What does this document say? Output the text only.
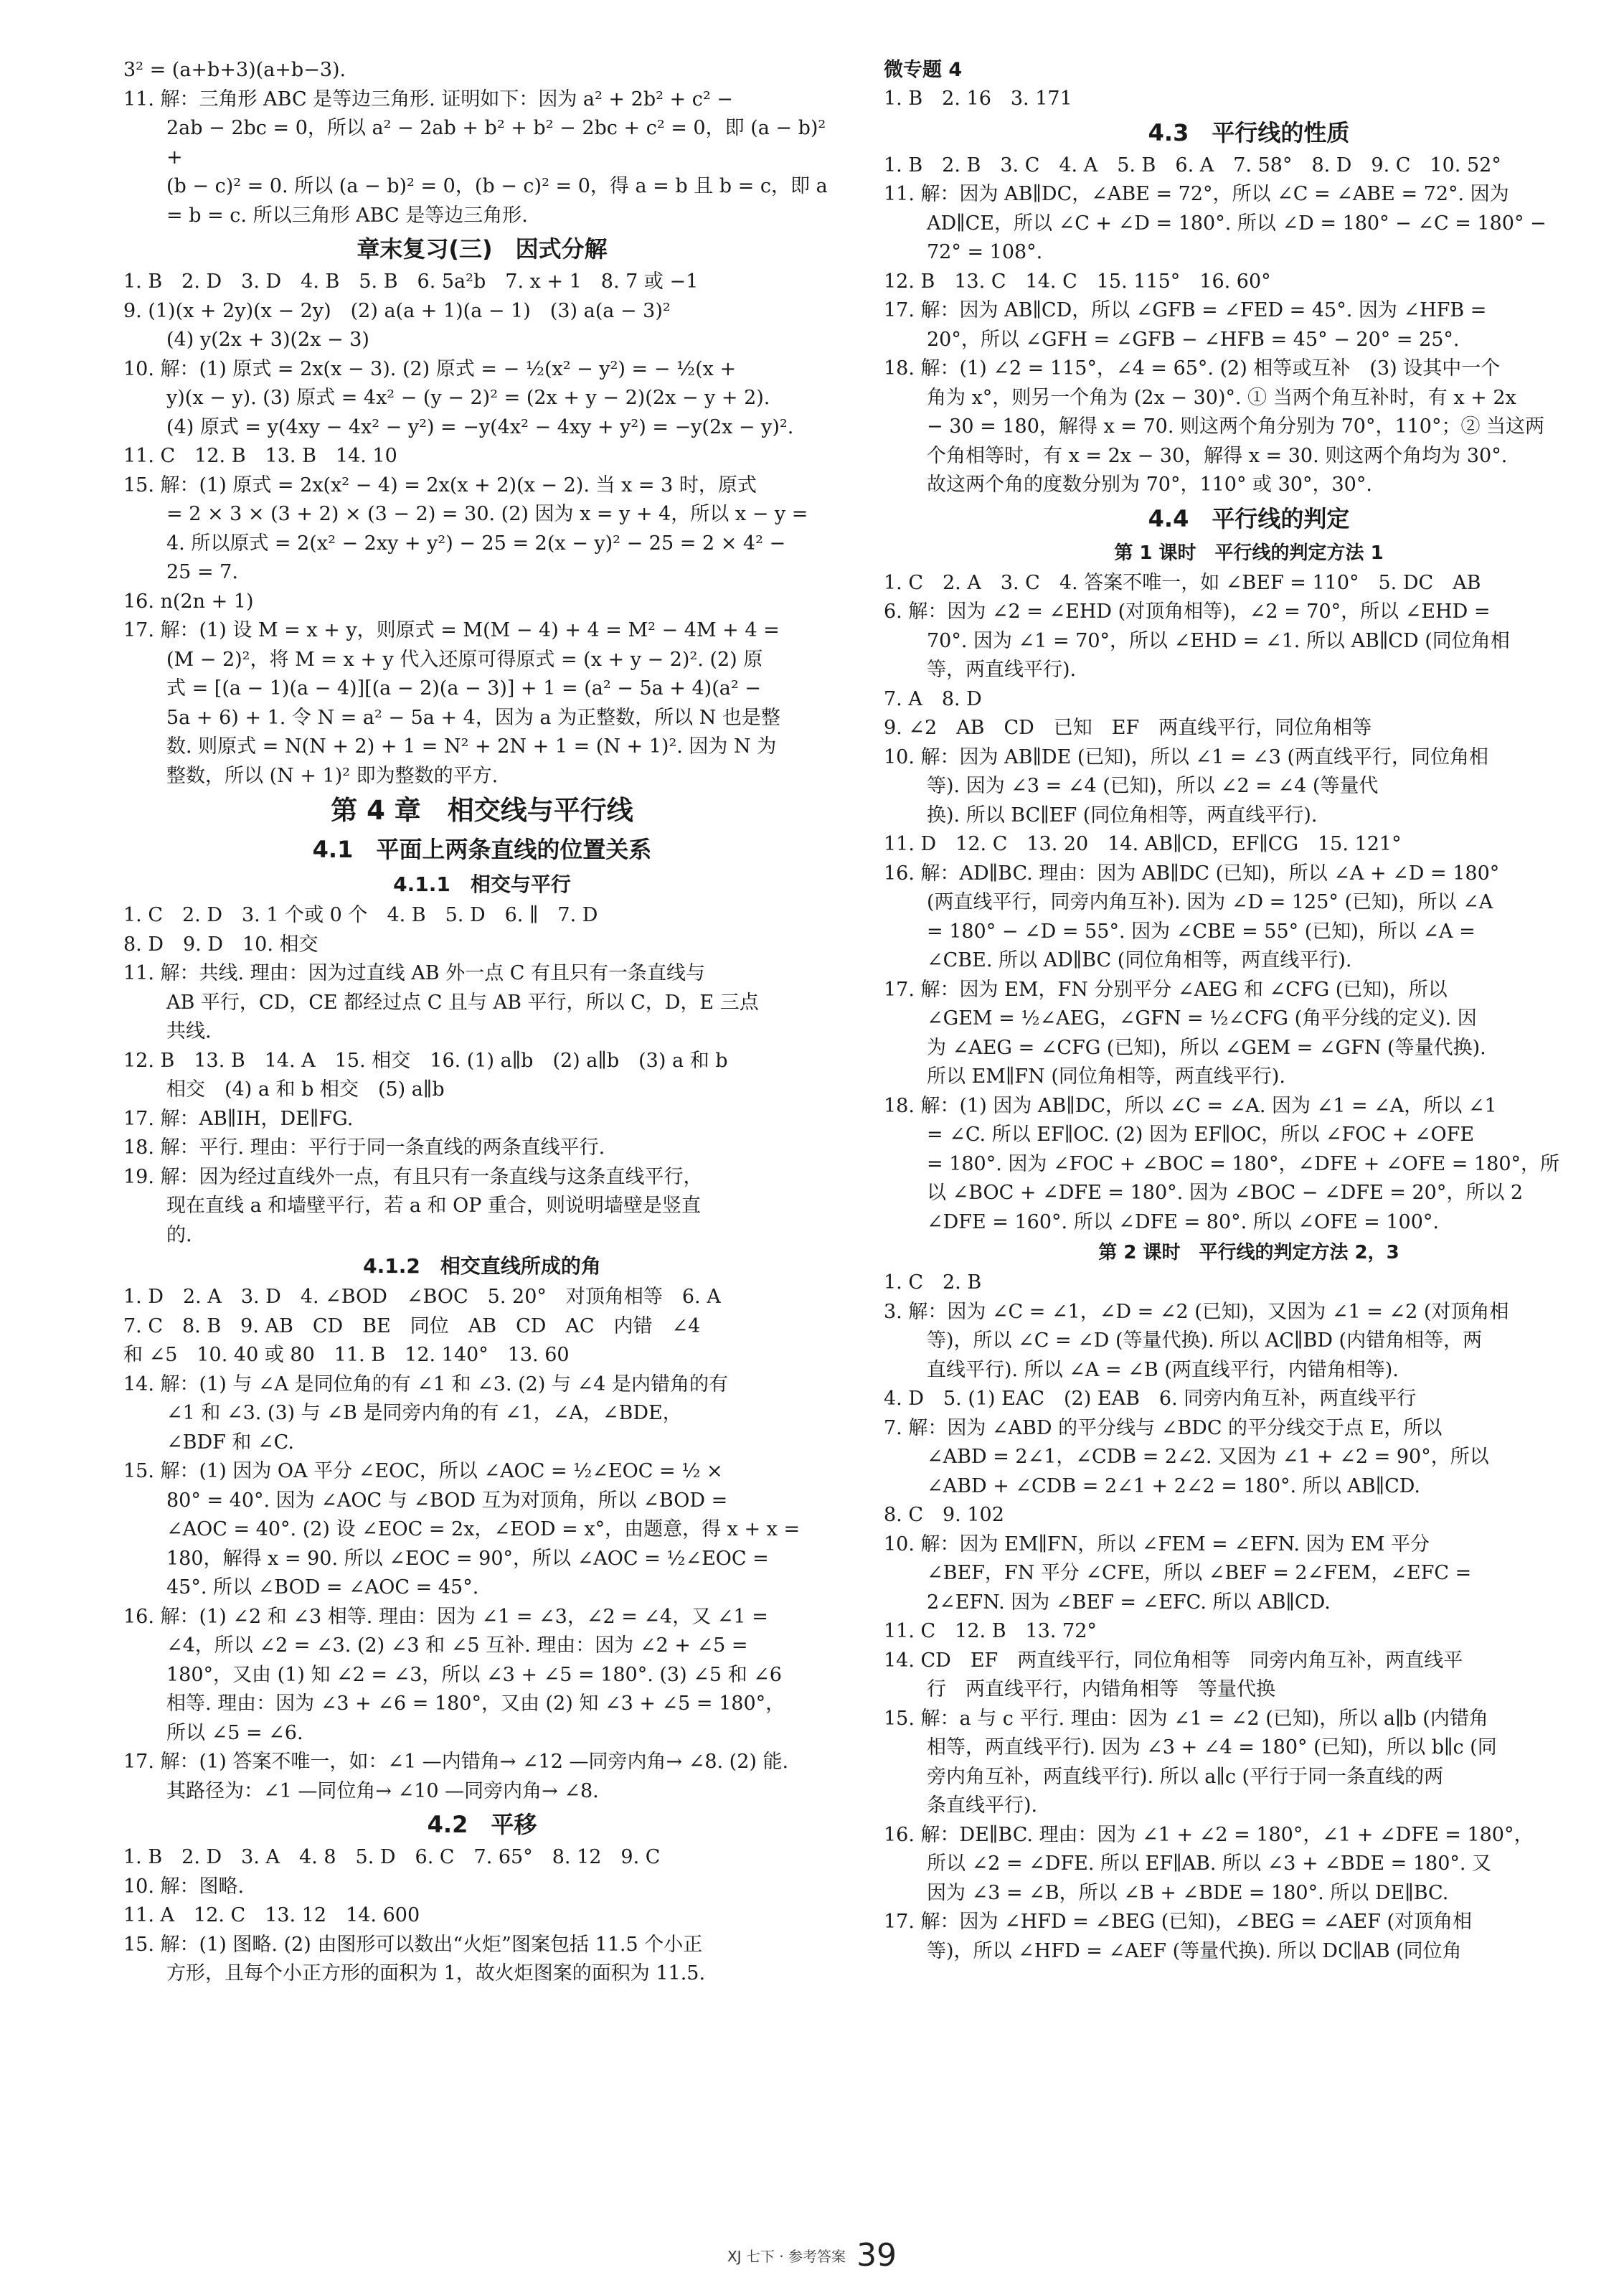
3² = (a+b+3)(a+b−3).
11. 解：三角形 ABC 是等边三角形. 证明如下：因为 a² + 2b² + c² −
2ab − 2bc = 0，所以 a² − 2ab + b² + b² − 2bc + c² = 0，即 (a − b)² +
(b − c)² = 0. 所以 (a − b)² = 0，(b − c)² = 0，得 a = b 且 b = c，即 a
= b = c. 所以三角形 ABC 是等边三角形.
章末复习(三)　因式分解
1. B　2. D　3. D　4. B　5. B　6. 5a²b　7. x + 1　8. 7 或 −1
9. (1)(x + 2y)(x − 2y)　(2) a(a + 1)(a − 1)　(3) a(a − 3)²
(4) y(2x + 3)(2x − 3)
10. 解：(1) 原式 = 2x(x − 3). (2) 原式 = − ½(x² − y²) = − ½(x +
y)(x − y). (3) 原式 = 4x² − (y − 2)² = (2x + y − 2)(2x − y + 2).
(4) 原式 = y(4xy − 4x² − y²) = −y(4x² − 4xy + y²) = −y(2x − y)².
11. C　12. B　13. B　14. 10
15. 解：(1) 原式 = 2x(x² − 4) = 2x(x + 2)(x − 2). 当 x = 3 时，原式
= 2 × 3 × (3 + 2) × (3 − 2) = 30. (2) 因为 x = y + 4，所以 x − y =
4. 所以原式 = 2(x² − 2xy + y²) − 25 = 2(x − y)² − 25 = 2 × 4² −
25 = 7.
16. n(2n + 1)
17. 解：(1) 设 M = x + y，则原式 = M(M − 4) + 4 = M² − 4M + 4 =
(M − 2)²，将 M = x + y 代入还原可得原式 = (x + y − 2)². (2) 原
式 = [(a − 1)(a − 4)][(a − 2)(a − 3)] + 1 = (a² − 5a + 4)(a² −
5a + 6) + 1. 令 N = a² − 5a + 4，因为 a 为正整数，所以 N 也是整
数. 则原式 = N(N + 2) + 1 = N² + 2N + 1 = (N + 1)². 因为 N 为
整数，所以 (N + 1)² 即为整数的平方.
第 4 章　相交线与平行线
4.1　平面上两条直线的位置关系
4.1.1　相交与平行
1. C　2. D　3. 1 个或 0 个　4. B　5. D　6. ∥　7. D
8. D　9. D　10. 相交
11. 解：共线. 理由：因为过直线 AB 外一点 C 有且只有一条直线与
AB 平行，CD，CE 都经过点 C 且与 AB 平行，所以 C，D，E 三点
共线.
12. B　13. B　14. A　15. 相交　16. (1) a∥b　(2) a∥b　(3) a 和 b
相交　(4) a 和 b 相交　(5) a∥b
17. 解：AB∥IH，DE∥FG.
18. 解：平行. 理由：平行于同一条直线的两条直线平行.
19. 解：因为经过直线外一点，有且只有一条直线与这条直线平行，
现在直线 a 和墙壁平行，若 a 和 OP 重合，则说明墙壁是竖直
的.
4.1.2　相交直线所成的角
1. D　2. A　3. D　4. ∠BOD　∠BOC　5. 20°　对顶角相等　6. A
7. C　8. B　9. AB　CD　BE　同位　AB　CD　AC　内错　∠4
和 ∠5　10. 40 或 80　11. B　12. 140°　13. 60
14. 解：(1) 与 ∠A 是同位角的有 ∠1 和 ∠3. (2) 与 ∠4 是内错角的有
∠1 和 ∠3. (3) 与 ∠B 是同旁内角的有 ∠1，∠A，∠BDE，
∠BDF 和 ∠C.
15. 解：(1) 因为 OA 平分 ∠EOC，所以 ∠AOC = ½∠EOC = ½ ×
80° = 40°. 因为 ∠AOC 与 ∠BOD 互为对顶角，所以 ∠BOD =
∠AOC = 40°. (2) 设 ∠EOC = 2x，∠EOD = x°，由题意，得 x + x =
180，解得 x = 90. 所以 ∠EOC = 90°，所以 ∠AOC = ½∠EOC =
45°. 所以 ∠BOD = ∠AOC = 45°.
16. 解：(1) ∠2 和 ∠3 相等. 理由：因为 ∠1 = ∠3，∠2 = ∠4，又 ∠1 =
∠4，所以 ∠2 = ∠3. (2) ∠3 和 ∠5 互补. 理由：因为 ∠2 + ∠5 =
180°，又由 (1) 知 ∠2 = ∠3，所以 ∠3 + ∠5 = 180°. (3) ∠5 和 ∠6
相等. 理由：因为 ∠3 + ∠6 = 180°，又由 (2) 知 ∠3 + ∠5 = 180°，
所以 ∠5 = ∠6.
17. 解：(1) 答案不唯一，如：∠1 —内错角→ ∠12 —同旁内角→ ∠8. (2) 能.
其路径为：∠1 —同位角→ ∠10 —同旁内角→ ∠8.
4.2　平移
1. B　2. D　3. A　4. 8　5. D　6. C　7. 65°　8. 12　9. C
10. 解：图略.
11. A　12. C　13. 12　14. 600
15. 解：(1) 图略. (2) 由图形可以数出“火炬”图案包括 11.5 个小正
方形，且每个小正方形的面积为 1，故火炬图案的面积为 11.5.
微专题 4
1. B　2. 16　3. 171
4.3　平行线的性质
1. B　2. B　3. C　4. A　5. B　6. A　7. 58°　8. D　9. C　10. 52°
11. 解：因为 AB∥DC，∠ABE = 72°，所以 ∠C = ∠ABE = 72°. 因为
AD∥CE，所以 ∠C + ∠D = 180°. 所以 ∠D = 180° − ∠C = 180° −
72° = 108°.
12. B　13. C　14. C　15. 115°　16. 60°
17. 解：因为 AB∥CD，所以 ∠GFB = ∠FED = 45°. 因为 ∠HFB =
20°，所以 ∠GFH = ∠GFB − ∠HFB = 45° − 20° = 25°.
18. 解：(1) ∠2 = 115°，∠4 = 65°. (2) 相等或互补　(3) 设其中一个
角为 x°，则另一个角为 (2x − 30)°. ① 当两个角互补时，有 x + 2x
− 30 = 180，解得 x = 70. 则这两个角分别为 70°，110°；② 当这两
个角相等时，有 x = 2x − 30，解得 x = 30. 则这两个角均为 30°.
故这两个角的度数分别为 70°，110° 或 30°，30°.
4.4　平行线的判定
第 1 课时　平行线的判定方法 1
1. C　2. A　3. C　4. 答案不唯一，如 ∠BEF = 110°　5. DC　AB
6. 解：因为 ∠2 = ∠EHD (对顶角相等)，∠2 = 70°，所以 ∠EHD =
70°. 因为 ∠1 = 70°，所以 ∠EHD = ∠1. 所以 AB∥CD (同位角相
等，两直线平行).
7. A　8. D
9. ∠2　AB　CD　已知　EF　两直线平行，同位角相等
10. 解：因为 AB∥DE (已知)，所以 ∠1 = ∠3 (两直线平行，同位角相
等). 因为 ∠3 = ∠4 (已知)，所以 ∠2 = ∠4 (等量代
换). 所以 BC∥EF (同位角相等，两直线平行).
11. D　12. C　13. 20　14. AB∥CD，EF∥CG　15. 121°
16. 解：AD∥BC. 理由：因为 AB∥DC (已知)，所以 ∠A + ∠D = 180°
(两直线平行，同旁内角互补). 因为 ∠D = 125° (已知)，所以 ∠A
= 180° − ∠D = 55°. 因为 ∠CBE = 55° (已知)，所以 ∠A =
∠CBE. 所以 AD∥BC (同位角相等，两直线平行).
17. 解：因为 EM，FN 分别平分 ∠AEG 和 ∠CFG (已知)，所以
∠GEM = ½∠AEG，∠GFN = ½∠CFG (角平分线的定义). 因
为 ∠AEG = ∠CFG (已知)，所以 ∠GEM = ∠GFN (等量代换).
所以 EM∥FN (同位角相等，两直线平行).
18. 解：(1) 因为 AB∥DC，所以 ∠C = ∠A. 因为 ∠1 = ∠A，所以 ∠1
= ∠C. 所以 EF∥OC. (2) 因为 EF∥OC，所以 ∠FOC + ∠OFE
= 180°. 因为 ∠FOC + ∠BOC = 180°，∠DFE + ∠OFE = 180°，所
以 ∠BOC + ∠DFE = 180°. 因为 ∠BOC − ∠DFE = 20°，所以 2
∠DFE = 160°. 所以 ∠DFE = 80°. 所以 ∠OFE = 100°.
第 2 课时　平行线的判定方法 2，3
1. C　2. B
3. 解：因为 ∠C = ∠1，∠D = ∠2 (已知)，又因为 ∠1 = ∠2 (对顶角相
等)，所以 ∠C = ∠D (等量代换). 所以 AC∥BD (内错角相等，两
直线平行). 所以 ∠A = ∠B (两直线平行，内错角相等).
4. D　5. (1) EAC　(2) EAB　6. 同旁内角互补，两直线平行
7. 解：因为 ∠ABD 的平分线与 ∠BDC 的平分线交于点 E，所以
∠ABD = 2∠1，∠CDB = 2∠2. 又因为 ∠1 + ∠2 = 90°，所以
∠ABD + ∠CDB = 2∠1 + 2∠2 = 180°. 所以 AB∥CD.
8. C　9. 102
10. 解：因为 EM∥FN，所以 ∠FEM = ∠EFN. 因为 EM 平分
∠BEF，FN 平分 ∠CFE，所以 ∠BEF = 2∠FEM，∠EFC =
2∠EFN. 因为 ∠BEF = ∠EFC. 所以 AB∥CD.
11. C　12. B　13. 72°
14. CD　EF　两直线平行，同位角相等　同旁内角互补，两直线平
行　两直线平行，内错角相等　等量代换
15. 解：a 与 c 平行. 理由：因为 ∠1 = ∠2 (已知)，所以 a∥b (内错角
相等，两直线平行). 因为 ∠3 + ∠4 = 180° (已知)，所以 b∥c (同
旁内角互补，两直线平行). 所以 a∥c (平行于同一条直线的两
条直线平行).
16. 解：DE∥BC. 理由：因为 ∠1 + ∠2 = 180°，∠1 + ∠DFE = 180°，
所以 ∠2 = ∠DFE. 所以 EF∥AB. 所以 ∠3 + ∠BDE = 180°. 又
因为 ∠3 = ∠B，所以 ∠B + ∠BDE = 180°. 所以 DE∥BC.
17. 解：因为 ∠HFD = ∠BEG (已知)，∠BEG = ∠AEF (对顶角相
等)，所以 ∠HFD = ∠AEF (等量代换). 所以 DC∥AB (同位角
XJ 七下 · 参考答案 39
